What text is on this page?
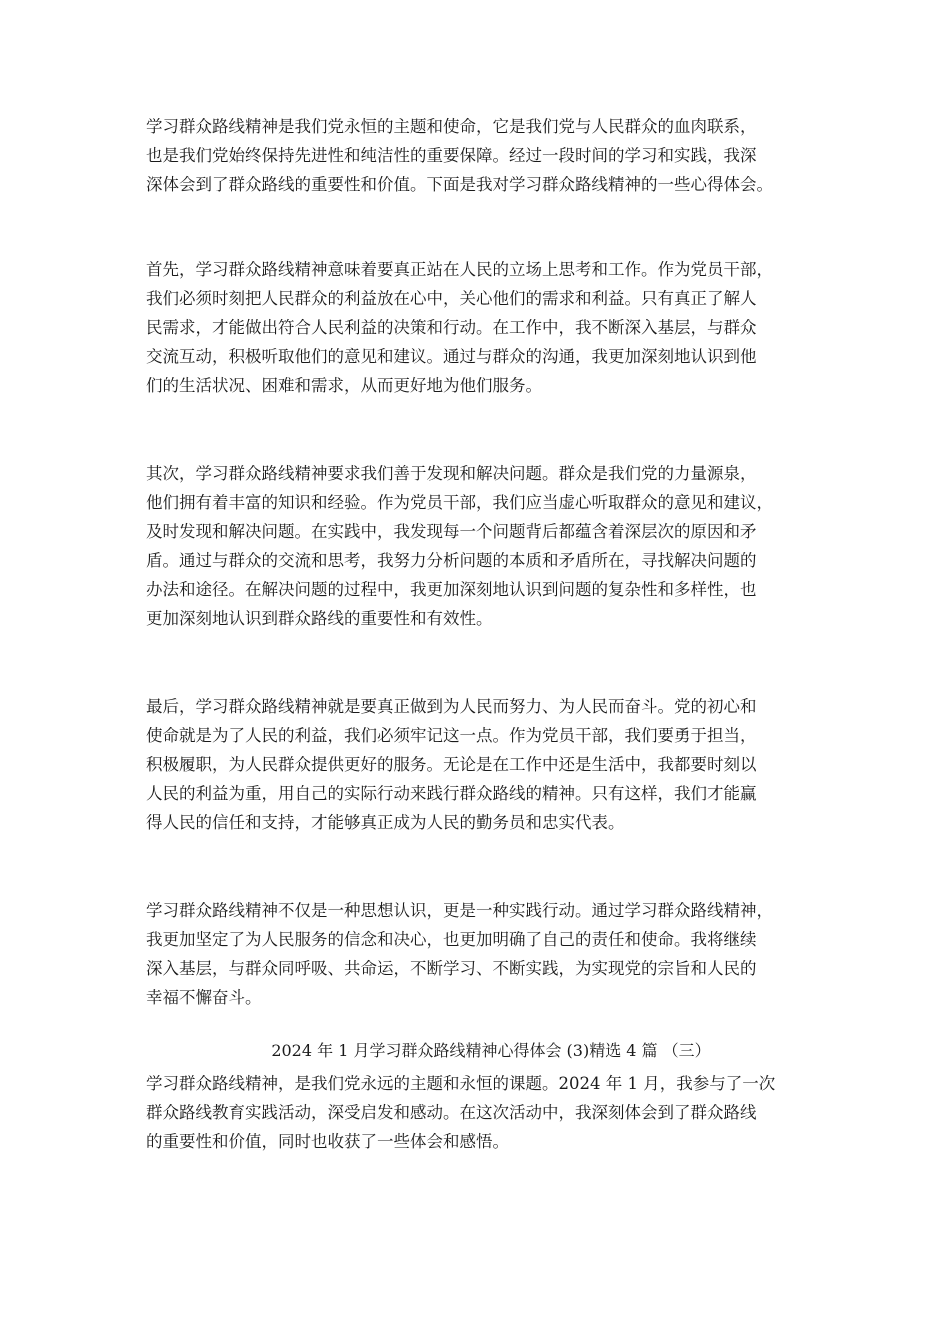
学习群众路线精神是我们党永恒的主题和使命，它是我们党与人民群众的血肉联系，
也是我们党始终保持先进性和纯洁性的重要保障。经过一段时间的学习和实践，我深
深体会到了群众路线的重要性和价值。下面是我对学习群众路线精神的一些心得体会。

首先，学习群众路线精神意味着要真正站在人民的立场上思考和工作。作为党员干部，
我们必须时刻把人民群众的利益放在心中，关心他们的需求和利益。只有真正了解人
民需求，才能做出符合人民利益的决策和行动。在工作中，我不断深入基层，与群众
交流互动，积极听取他们的意见和建议。通过与群众的沟通，我更加深刻地认识到他
们的生活状况、困难和需求，从而更好地为他们服务。

其次，学习群众路线精神要求我们善于发现和解决问题。群众是我们党的力量源泉，
他们拥有着丰富的知识和经验。作为党员干部，我们应当虚心听取群众的意见和建议，
及时发现和解决问题。在实践中，我发现每一个问题背后都蕴含着深层次的原因和矛
盾。通过与群众的交流和思考，我努力分析问题的本质和矛盾所在，寻找解决问题的
办法和途径。在解决问题的过程中，我更加深刻地认识到问题的复杂性和多样性，也
更加深刻地认识到群众路线的重要性和有效性。

最后，学习群众路线精神就是要真正做到为人民而努力、为人民而奋斗。党的初心和
使命就是为了人民的利益，我们必须牢记这一点。作为党员干部，我们要勇于担当，
积极履职，为人民群众提供更好的服务。无论是在工作中还是生活中，我都要时刻以
人民的利益为重，用自己的实际行动来践行群众路线的精神。只有这样，我们才能赢
得人民的信任和支持，才能够真正成为人民的勤务员和忠实代表。

学习群众路线精神不仅是一种思想认识，更是一种实践行动。通过学习群众路线精神，
我更加坚定了为人民服务的信念和决心，也更加明确了自己的责任和使命。我将继续
深入基层，与群众同呼吸、共命运，不断学习、不断实践，为实现党的宗旨和人民的
幸福不懈奋斗。

2024 年 1 月学习群众路线精神心得体会 (3)精选 4 篇 （三）

学习群众路线精神，是我们党永远的主题和永恒的课题。2024 年 1 月，我参与了一次
群众路线教育实践活动，深受启发和感动。在这次活动中，我深刻体会到了群众路线
的重要性和价值，同时也收获了一些体会和感悟。
